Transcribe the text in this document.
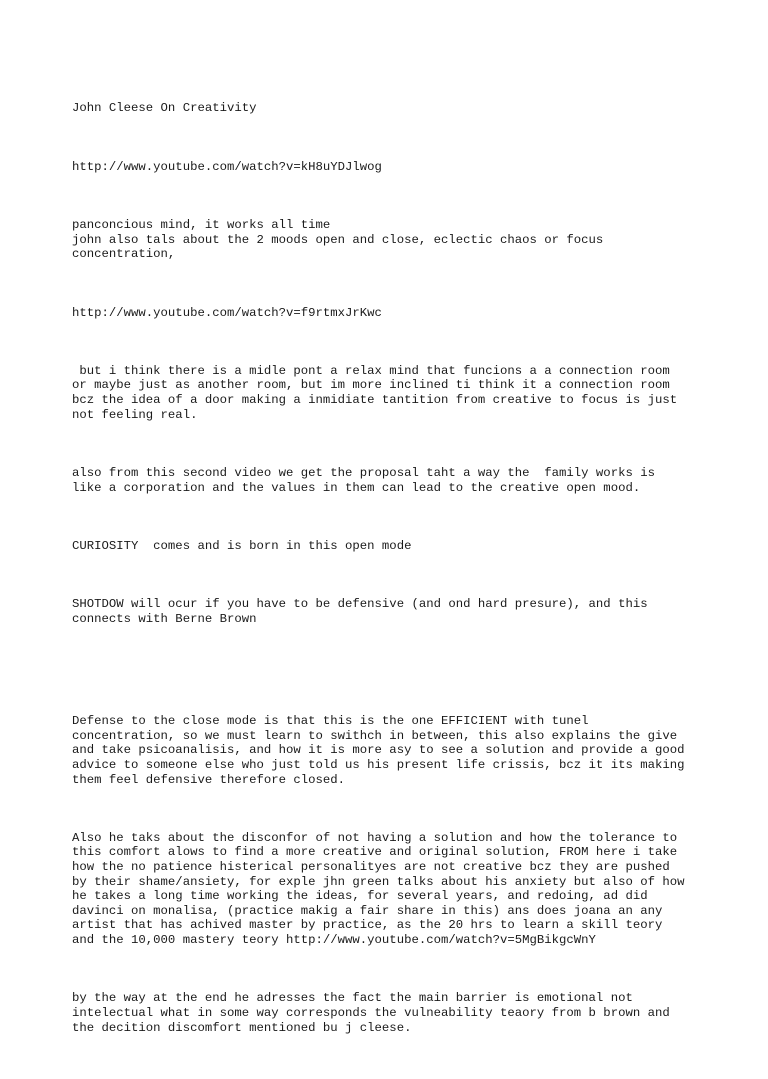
John Cleese On Creativity

http://www.youtube.com/watch?v=kH8uYDJlwog

panconcious mind, it works all time
john also tals about the 2 moods open and close, eclectic chaos or focus
concentration,

http://www.youtube.com/watch?v=f9rtmxJrKwc

but i think there is a midle pont a relax mind that funcions a a connection room
or maybe just as another room, but im more inclined ti think it a connection room
bcz the idea of a door making a inmidiate tantition from creative to focus is just
not feeling real.

also from this second video we get the proposal taht a way the  family works is
like a corporation and the values in them can lead to the creative open mood.

CURIOSITY  comes and is born in this open mode

SHOTDOW will ocur if you have to be defensive (and ond hard presure), and this
connects with Berne Brown

Defense to the close mode is that this is the one EFFICIENT with tunel
concentration, so we must learn to swithch in between, this also explains the give
and take psicoanalisis, and how it is more asy to see a solution and provide a good
advice to someone else who just told us his present life crissis, bcz it its making
them feel defensive therefore closed.

Also he taks about the disconfor of not having a solution and how the tolerance to
this comfort alows to find a more creative and original solution, FROM here i take
how the no patience histerical personalityes are not creative bcz they are pushed
by their shame/ansiety, for exple jhn green talks about his anxiety but also of how
he takes a long time working the ideas, for several years, and redoing, ad did
davinci on monalisa, (practice makig a fair share in this) ans does joana an any
artist that has achived master by practice, as the 20 hrs to learn a skill teory
and the 10,000 mastery teory http://www.youtube.com/watch?v=5MgBikgcWnY

by the way at the end he adresses the fact the main barrier is emotional not
intelectual what in some way corresponds the vulneability teaory from b brown and
the decition discomfort mentioned bu j cleese.
